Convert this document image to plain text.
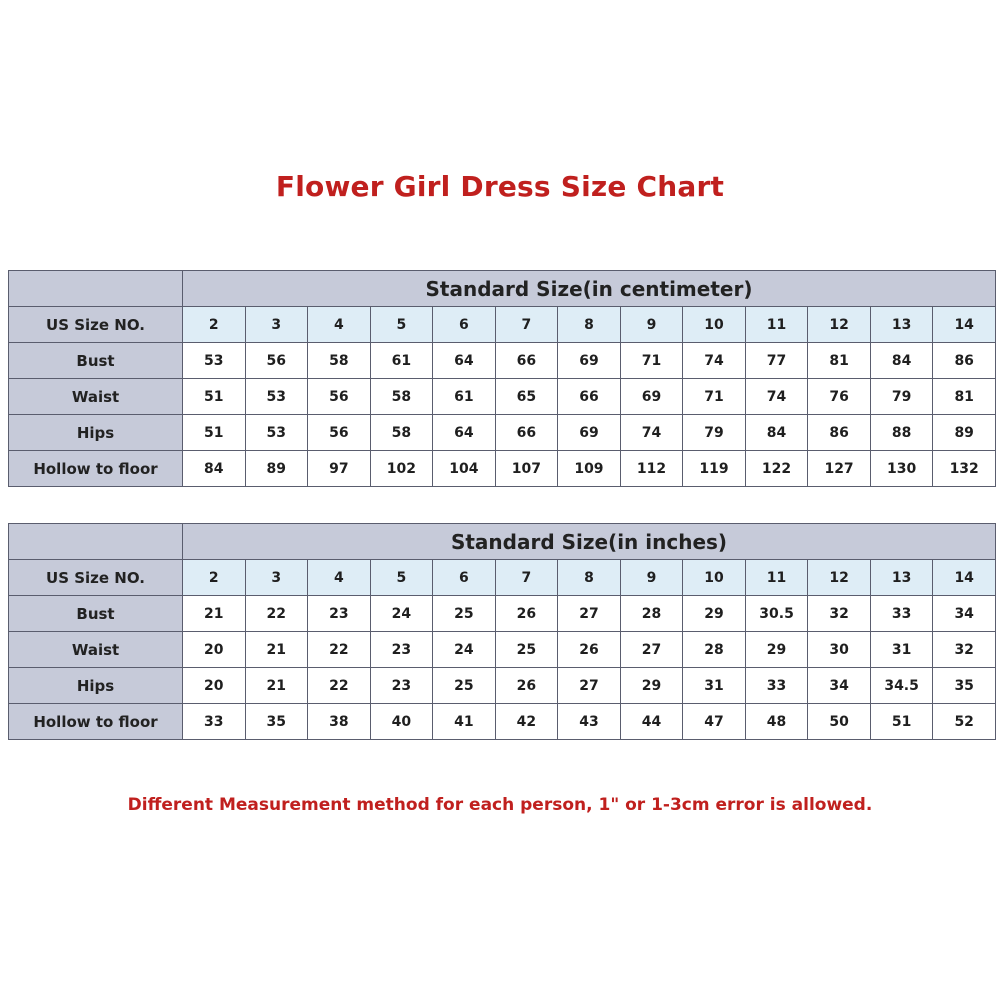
Flower Girl Dress Size Chart
	Standard Size(in centimeter)												
US Size NO.	2	3	4	5	6	7	8	9	10	11	12	13	14
Bust	53	56	58	61	64	66	69	71	74	77	81	84	86
Waist	51	53	56	58	61	65	66	69	71	74	76	79	81
Hips	51	53	56	58	64	66	69	74	79	84	86	88	89
Hollow to floor	84	89	97	102	104	107	109	112	119	122	127	130	132
	Standard Size(in inches)												
US Size NO.	2	3	4	5	6	7	8	9	10	11	12	13	14
Bust	21	22	23	24	25	26	27	28	29	30.5	32	33	34
Waist	20	21	22	23	24	25	26	27	28	29	30	31	32
Hips	20	21	22	23	25	26	27	29	31	33	34	34.5	35
Hollow to floor	33	35	38	40	41	42	43	44	47	48	50	51	52
Different Measurement method for each person, 1" or 1-3cm error is allowed.
